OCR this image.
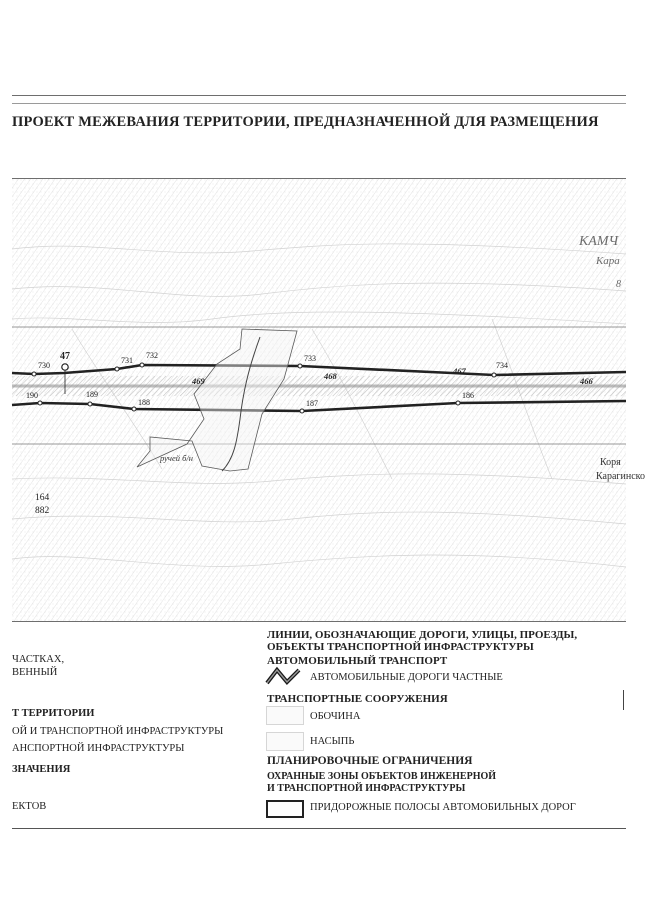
ПРОЕКТ МЕЖЕВАНИЯ ТЕРРИТОРИИ, ПРЕДНАЗНАЧЕННОЙ ДЛЯ РАЗМЕЩЕНИЯ
КАМЧ
Кара
8
Коря
Карагинско
ручей б/н
164
882
47
730
731
732	733
734
190	189
188	187
186
469	468	467
466
ЧАСТКАХ,
ВЕННЫЙ
Т ТЕРРИТОРИИ
ОЙ И ТРАНСПОРТНОЙ ИНФРАСТРУКТУРЫ
АНСПОРТНОЙ ИНФРАСТРУКТУРЫ
ЗНАЧЕНИЯ
ЕКТОВ
ЛИНИИ, ОБОЗНАЧАЮЩИЕ ДОРОГИ, УЛИЦЫ, ПРОЕЗДЫ,
ОБЪЕКТЫ ТРАНСПОРТНОЙ ИНФРАСТРУКТУРЫ
АВТОМОБИЛЬНЫЙ ТРАНСПОРТ
АВТОМОБИЛЬНЫЕ ДОРОГИ ЧАСТНЫЕ
ТРАНСПОРТНЫЕ СООРУЖЕНИЯ
ОБОЧИНА
НАСЫПЬ
ПЛАНИРОВОЧНЫЕ ОГРАНИЧЕНИЯ
ОХРАННЫЕ ЗОНЫ ОБЪЕКТОВ ИНЖЕНЕРНОЙ
И ТРАНСПОРТНОЙ ИНФРАСТРУКТУРЫ
ПРИДОРОЖНЫЕ ПОЛОСЫ АВТОМОБИЛЬНЫХ ДОРОГ
